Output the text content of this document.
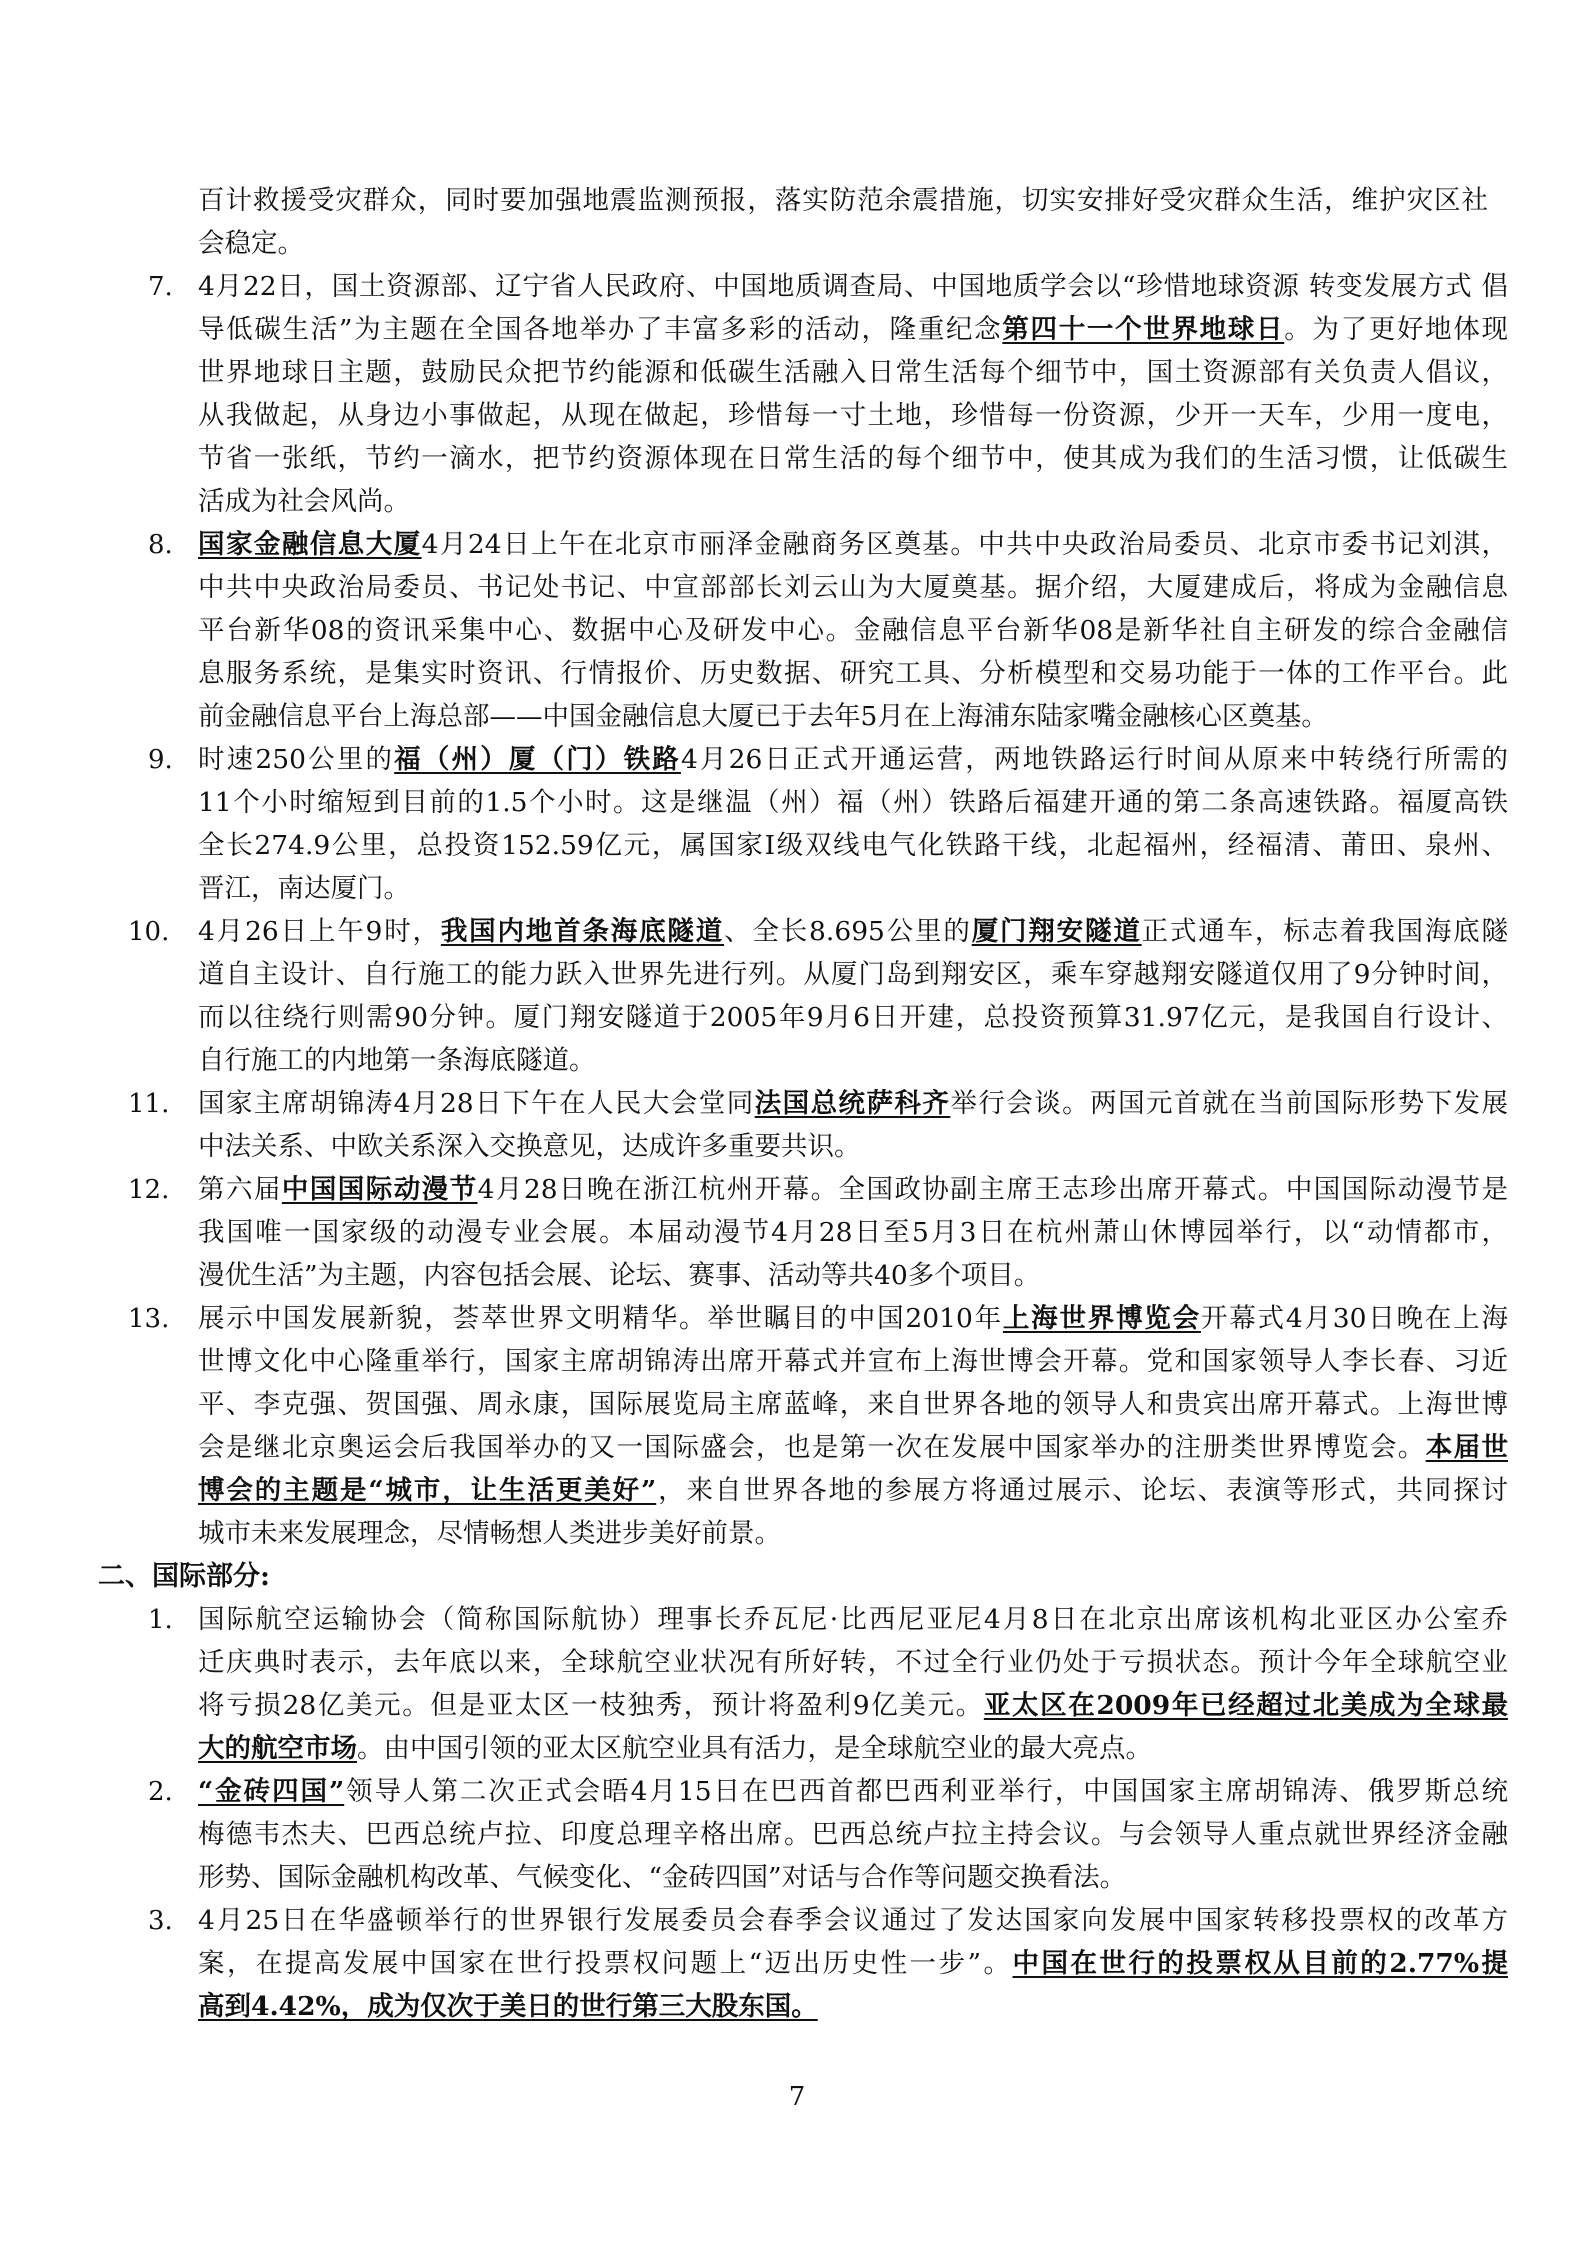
百计救援受灾群众，同时要加强地震监测预报，落实防范余震措施，切实安排好受灾群众生活，维护灾区社
会稳定。
7. 4月22日，国土资源部、辽宁省人民政府、中国地质调查局、中国地质学会以“珍惜地球资源 转变发展方式 倡
导低碳生活”为主题在全国各地举办了丰富多彩的活动，隆重纪念第四十一个世界地球日。为了更好地体现
世界地球日主题，鼓励民众把节约能源和低碳生活融入日常生活每个细节中，国土资源部有关负责人倡议，
从我做起，从身边小事做起，从现在做起，珍惜每一寸土地，珍惜每一份资源，少开一天车，少用一度电，
节省一张纸，节约一滴水，把节约资源体现在日常生活的每个细节中，使其成为我们的生活习惯，让低碳生
活成为社会风尚。
8. 国家金融信息大厦4月24日上午在北京市丽泽金融商务区奠基。中共中央政治局委员、北京市委书记刘淇，
中共中央政治局委员、书记处书记、中宣部部长刘云山为大厦奠基。据介绍，大厦建成后，将成为金融信息
平台新华08的资讯采集中心、数据中心及研发中心。金融信息平台新华08是新华社自主研发的综合金融信
息服务系统，是集实时资讯、行情报价、历史数据、研究工具、分析模型和交易功能于一体的工作平台。此
前金融信息平台上海总部——中国金融信息大厦已于去年5月在上海浦东陆家嘴金融核心区奠基。
9. 时速250公里的福（州）厦（门）铁路4月26日正式开通运营，两地铁路运行时间从原来中转绕行所需的
11个小时缩短到目前的1.5个小时。这是继温（州）福（州）铁路后福建开通的第二条高速铁路。福厦高铁
全长274.9公里，总投资152.59亿元，属国家Ⅰ级双线电气化铁路干线，北起福州，经福清、莆田、泉州、
晋江，南达厦门。
10. 4月26日上午9时，我国内地首条海底隧道、全长8.695公里的厦门翔安隧道正式通车，标志着我国海底隧
道自主设计、自行施工的能力跃入世界先进行列。从厦门岛到翔安区，乘车穿越翔安隧道仅用了9分钟时间，
而以往绕行则需90分钟。厦门翔安隧道于2005年9月6日开建，总投资预算31.97亿元，是我国自行设计、
自行施工的内地第一条海底隧道。
11. 国家主席胡锦涛4月28日下午在人民大会堂同法国总统萨科齐举行会谈。两国元首就在当前国际形势下发展
中法关系、中欧关系深入交换意见，达成许多重要共识。
12. 第六届中国国际动漫节4月28日晚在浙江杭州开幕。全国政协副主席王志珍出席开幕式。中国国际动漫节是
我国唯一国家级的动漫专业会展。本届动漫节4月28日至5月3日在杭州萧山休博园举行，以“动情都市，
漫优生活”为主题，内容包括会展、论坛、赛事、活动等共40多个项目。
13. 展示中国发展新貌，荟萃世界文明精华。举世瞩目的中国2010年上海世界博览会开幕式4月30日晚在上海
世博文化中心隆重举行，国家主席胡锦涛出席开幕式并宣布上海世博会开幕。党和国家领导人李长春、习近
平、李克强、贺国强、周永康，国际展览局主席蓝峰，来自世界各地的领导人和贵宾出席开幕式。上海世博
会是继北京奥运会后我国举办的又一国际盛会，也是第一次在发展中国家举办的注册类世界博览会。本届世
博会的主题是“城市，让生活更美好”，来自世界各地的参展方将通过展示、论坛、表演等形式，共同探讨
城市未来发展理念，尽情畅想人类进步美好前景。
二、国际部分:
1. 国际航空运输协会（简称国际航协）理事长乔瓦尼·比西尼亚尼4月8日在北京出席该机构北亚区办公室乔
迁庆典时表示，去年底以来，全球航空业状况有所好转，不过全行业仍处于亏损状态。预计今年全球航空业
将亏损28亿美元。但是亚太区一枝独秀，预计将盈利9亿美元。亚太区在2009年已经超过北美成为全球最
大的航空市场。由中国引领的亚太区航空业具有活力，是全球航空业的最大亮点。
2. “金砖四国”领导人第二次正式会晤4月15日在巴西首都巴西利亚举行，中国国家主席胡锦涛、俄罗斯总统
梅德韦杰夫、巴西总统卢拉、印度总理辛格出席。巴西总统卢拉主持会议。与会领导人重点就世界经济金融
形势、国际金融机构改革、气候变化、“金砖四国”对话与合作等问题交换看法。
3. 4月25日在华盛顿举行的世界银行发展委员会春季会议通过了发达国家向发展中国家转移投票权的改革方
案，在提高发展中国家在世行投票权问题上“迈出历史性一步”。中国在世行的投票权从目前的2.77%提
高到4.42%，成为仅次于美日的世行第三大股东国。
7
